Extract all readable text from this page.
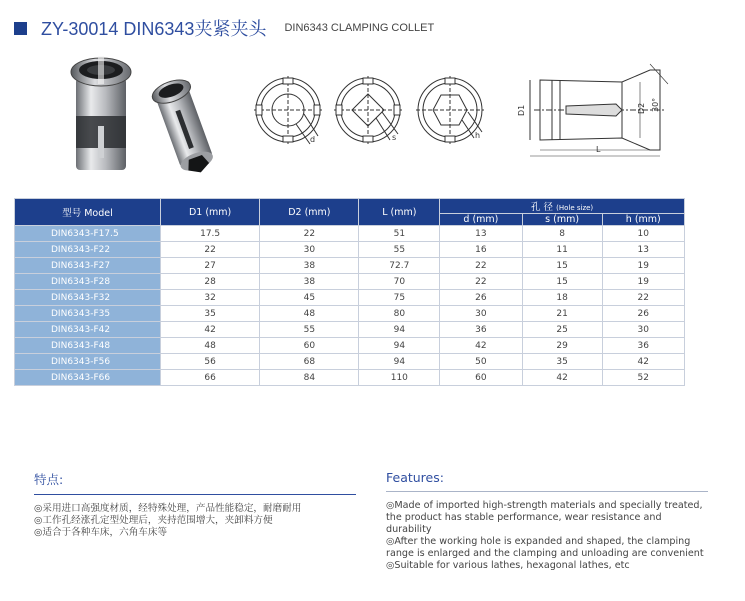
ZY-30014 DIN6343夹紧夹头 DIN6343 CLAMPING COLLET
d	s	h
D1	D2 30°
L
型号 Model	D1 (mm)	D2 (mm)	L (mm)	孔 径 (Hole size)		
				d (mm)	s (mm)	h (mm)
DIN6343-F17.5	17.5	22	51	13	8	10
DIN6343-F22	22	30	55	16	11	13
DIN6343-F27	27	38	72.7	22	15	19
DIN6343-F28	28	38	70	22	15	19
DIN6343-F32	32	45	75	26	18	22
DIN6343-F35	35	48	80	30	21	26
DIN6343-F42	42	55	94	36	25	30
DIN6343-F48	48	60	94	42	29	36
DIN6343-F56	56	68	94	50	35	42
DIN6343-F66	66	84	110	60	42	52
特点:

◎采用进口高强度材质，经特殊处理，产品性能稳定，耐磨耐用

◎工作孔经涨孔定型处理后，夹持范围增大，夹卸料方便

◎适合于各种车床，六角车床等

Features:

◎Made of imported high-strength materials and specially treated, the product has stable performance, wear resistance and durability

◎After the working hole is expanded and shaped, the clamping range is enlarged and the clamping and unloading are convenient

◎Suitable for various lathes, hexagonal lathes, etc
